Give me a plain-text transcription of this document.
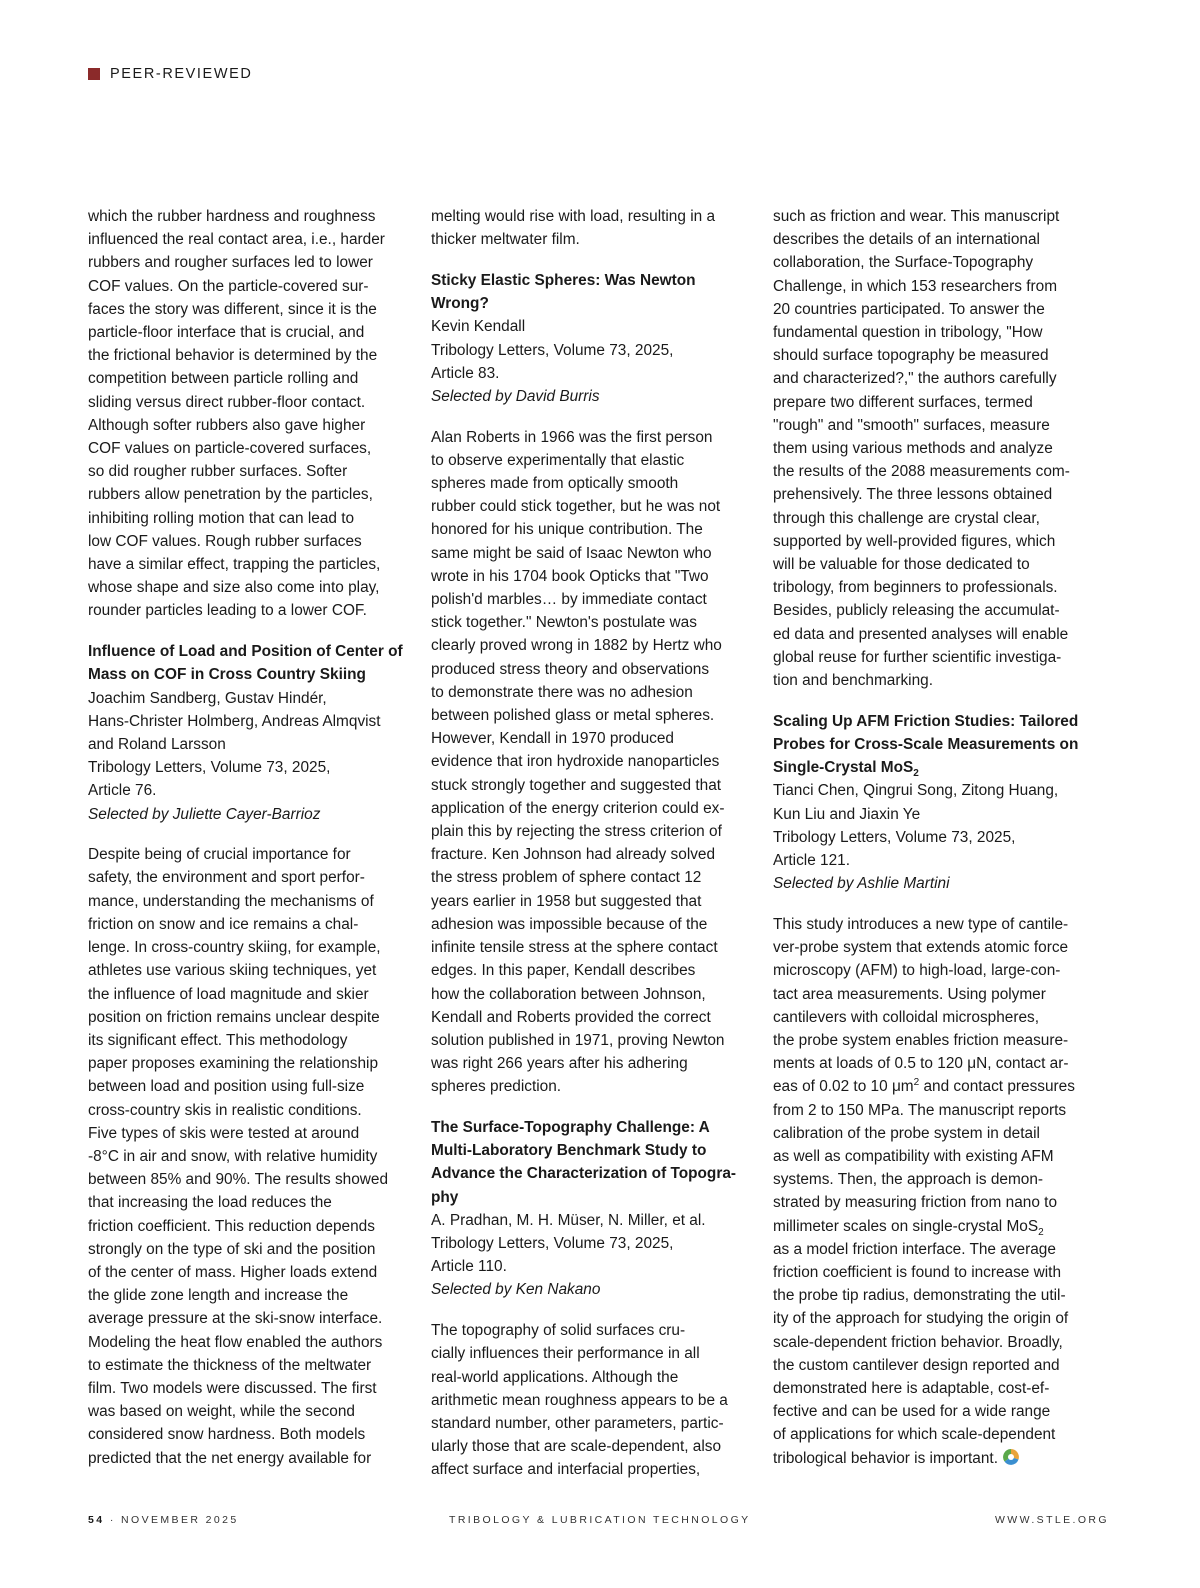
PEER-REVIEWED

which the rubber hardness and roughness
influenced the real contact area, i.e., harder
rubbers and rougher surfaces led to lower
COF values. On the particle-covered sur-
faces the story was different, since it is the
particle-floor interface that is crucial, and
the frictional behavior is determined by the
competition between particle rolling and
sliding versus direct rubber-floor contact.
Although softer rubbers also gave higher
COF values on particle-covered surfaces,
so did rougher rubber surfaces. Softer
rubbers allow penetration by the particles,
inhibiting rolling motion that can lead to
low COF values. Rough rubber surfaces
have a similar effect, trapping the particles,
whose shape and size also come into play,
rounder particles leading to a lower COF.

Influence of Load and Position of Center of
Mass on COF in Cross Country Skiing

Joachim Sandberg, Gustav Hindér,
Hans-Christer Holmberg, Andreas Almqvist
and Roland Larsson

Tribology Letters, Volume 73, 2025,
Article 76.

Selected by Juliette Cayer-Barrioz

Despite being of crucial importance for
safety, the environment and sport perfor-
mance, understanding the mechanisms of
friction on snow and ice remains a chal-
lenge. In cross-country skiing, for example,
athletes use various skiing techniques, yet
the influence of load magnitude and skier
position on friction remains unclear despite
its significant effect. This methodology
paper proposes examining the relationship
between load and position using full-size
cross-country skis in realistic conditions.
Five types of skis were tested at around
-8°C in air and snow, with relative humidity
between 85% and 90%. The results showed
that increasing the load reduces the
friction coefficient. This reduction depends
strongly on the type of ski and the position
of the center of mass. Higher loads extend
the glide zone length and increase the
average pressure at the ski-snow interface.
Modeling the heat flow enabled the authors
to estimate the thickness of the meltwater
film. Two models were discussed. The first
was based on weight, while the second
considered snow hardness. Both models
predicted that the net energy available for

melting would rise with load, resulting in a
thicker meltwater film.

Sticky Elastic Spheres: Was Newton
Wrong?

Kevin Kendall

Tribology Letters, Volume 73, 2025,
Article 83.

Selected by David Burris

Alan Roberts in 1966 was the first person
to observe experimentally that elastic
spheres made from optically smooth
rubber could stick together, but he was not
honored for his unique contribution. The
same might be said of Isaac Newton who
wrote in his 1704 book Opticks that "Two
polish'd marbles… by immediate contact
stick together." Newton's postulate was
clearly proved wrong in 1882 by Hertz who
produced stress theory and observations
to demonstrate there was no adhesion
between polished glass or metal spheres.
However, Kendall in 1970 produced
evidence that iron hydroxide nanoparticles
stuck strongly together and suggested that
application of the energy criterion could ex-
plain this by rejecting the stress criterion of
fracture. Ken Johnson had already solved
the stress problem of sphere contact 12
years earlier in 1958 but suggested that
adhesion was impossible because of the
infinite tensile stress at the sphere contact
edges. In this paper, Kendall describes
how the collaboration between Johnson,
Kendall and Roberts provided the correct
solution published in 1971, proving Newton
was right 266 years after his adhering
spheres prediction.

The Surface-Topography Challenge: A
Multi-Laboratory Benchmark Study to
Advance the Characterization of Topogra-
phy

A. Pradhan, M. H. Müser, N. Miller, et al.

Tribology Letters, Volume 73, 2025,
Article 110.

Selected by Ken Nakano

The topography of solid surfaces cru-
cially influences their performance in all
real-world applications. Although the
arithmetic mean roughness appears to be a
standard number, other parameters, partic-
ularly those that are scale-dependent, also
affect surface and interfacial properties,

such as friction and wear. This manuscript
describes the details of an international
collaboration, the Surface-Topography
Challenge, in which 153 researchers from
20 countries participated. To answer the
fundamental question in tribology, "How
should surface topography be measured
and characterized?," the authors carefully
prepare two different surfaces, termed
"rough" and "smooth" surfaces, measure
them using various methods and analyze
the results of the 2088 measurements com-
prehensively. The three lessons obtained
through this challenge are crystal clear,
supported by well-provided figures, which
will be valuable for those dedicated to
tribology, from beginners to professionals.
Besides, publicly releasing the accumulat-
ed data and presented analyses will enable
global reuse for further scientific investiga-
tion and benchmarking.

Scaling Up AFM Friction Studies: Tailored
Probes for Cross-Scale Measurements on
Single-Crystal MoS$_2$

Tianci Chen, Qingrui Song, Zitong Huang,
Kun Liu and Jiaxin Ye

Tribology Letters, Volume 73, 2025,
Article 121.

Selected by Ashlie Martini

This study introduces a new type of cantile-
ver-probe system that extends atomic force
microscopy (AFM) to high-load, large-con-
tact area measurements. Using polymer
cantilevers with colloidal microspheres,
the probe system enables friction measure-
ments at loads of 0.5 to 120 μN, contact ar-
eas of 0.02 to 10 $\mu m^2$ and contact pressures
from 2 to 150 MPa. The manuscript reports
calibration of the probe system in detail
as well as compatibility with existing AFM
systems. Then, the approach is demon-
strated by measuring friction from nano to
millimeter scales on single-crystal MoS$_2$
as a model friction interface. The average
friction coefficient is found to increase with
the probe tip radius, demonstrating the util-
ity of the approach for studying the origin of
scale-dependent friction behavior. Broadly,
the custom cantilever design reported and
demonstrated here is adaptable, cost-ef-
fective and can be used for a wide range
of applications for which scale-dependent
tribological behavior is important.

54 · NOVEMBER 2025	TRIBOLOGY & LUBRICATION TECHNOLOGY	WWW.STLE.ORG
